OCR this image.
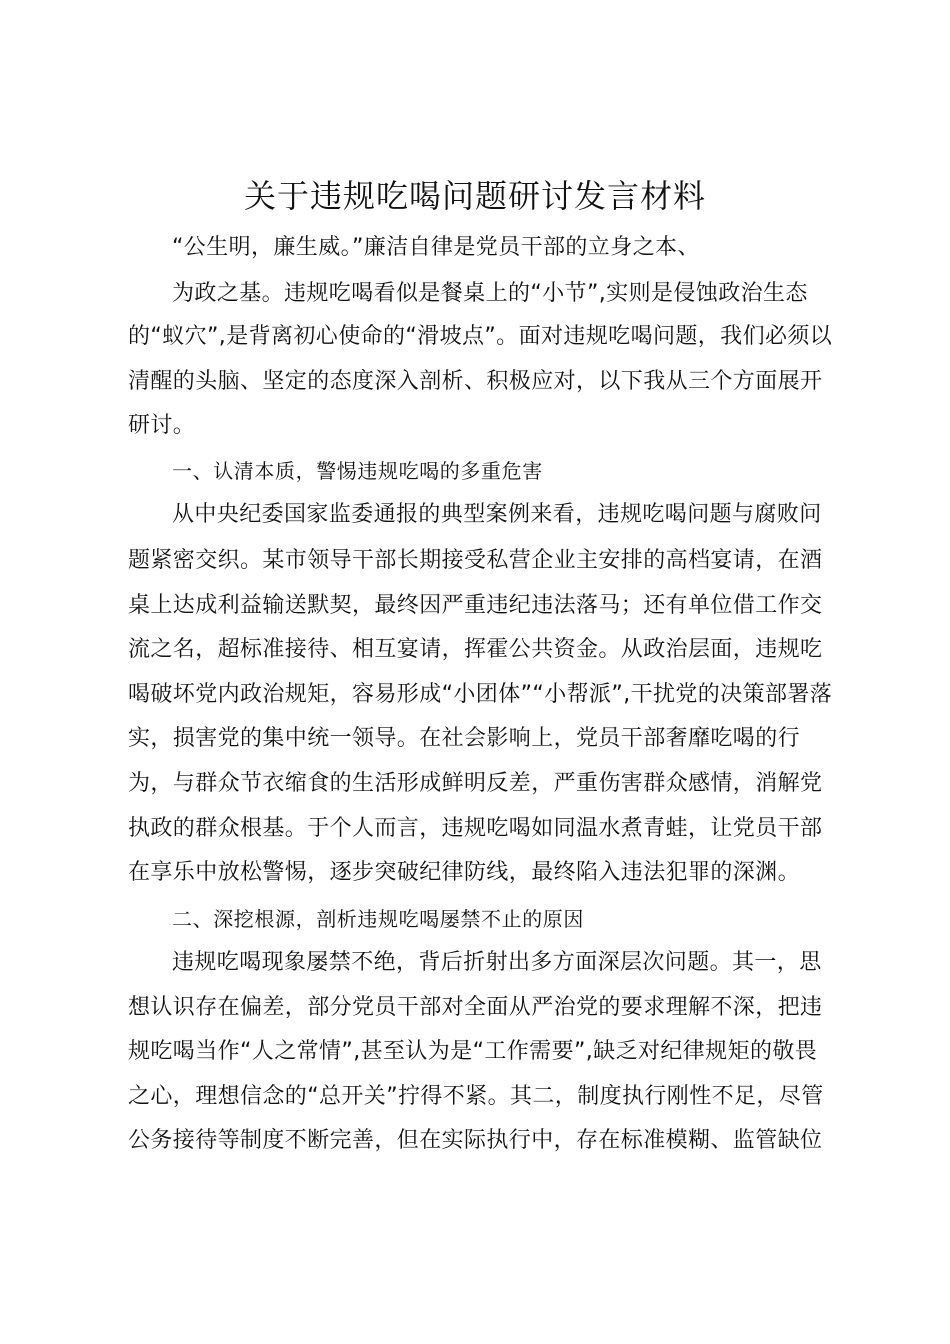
关于违规吃喝问题研讨发言材料

“公生明，廉生威。”廉洁自律是党员干部的立身之本、

为政之基。违规吃喝看似是餐桌上的“小节”,实则是侵蚀政治生态

的“蚁穴”,是背离初心使命的“滑坡点”。面对违规吃喝问题，我们必须以

清醒的头脑、坚定的态度深入剖析、积极应对，以下我从三个方面展开

研讨。

一、认清本质，警惕违规吃喝的多重危害

从中央纪委国家监委通报的典型案例来看，违规吃喝问题与腐败问

题紧密交织。某市领导干部长期接受私营企业主安排的高档宴请，在酒

桌上达成利益输送默契，最终因严重违纪违法落马；还有单位借工作交

流之名，超标准接待、相互宴请，挥霍公共资金。从政治层面，违规吃

喝破坏党内政治规矩，容易形成“小团体”“小帮派”,干扰党的决策部署落

实，损害党的集中统一领导。在社会影响上，党员干部奢靡吃喝的行

为，与群众节衣缩食的生活形成鲜明反差，严重伤害群众感情，消解党

执政的群众根基。于个人而言，违规吃喝如同温水煮青蛙，让党员干部

在享乐中放松警惕，逐步突破纪律防线，最终陷入违法犯罪的深渊。

二、深挖根源，剖析违规吃喝屡禁不止的原因

违规吃喝现象屡禁不绝，背后折射出多方面深层次问题。其一，思

想认识存在偏差，部分党员干部对全面从严治党的要求理解不深，把违

规吃喝当作“人之常情”,甚至认为是“工作需要”,缺乏对纪律规矩的敬畏

之心，理想信念的“总开关”拧得不紧。其二，制度执行刚性不足，尽管

公务接待等制度不断完善，但在实际执行中，存在标准模糊、监管缺位
